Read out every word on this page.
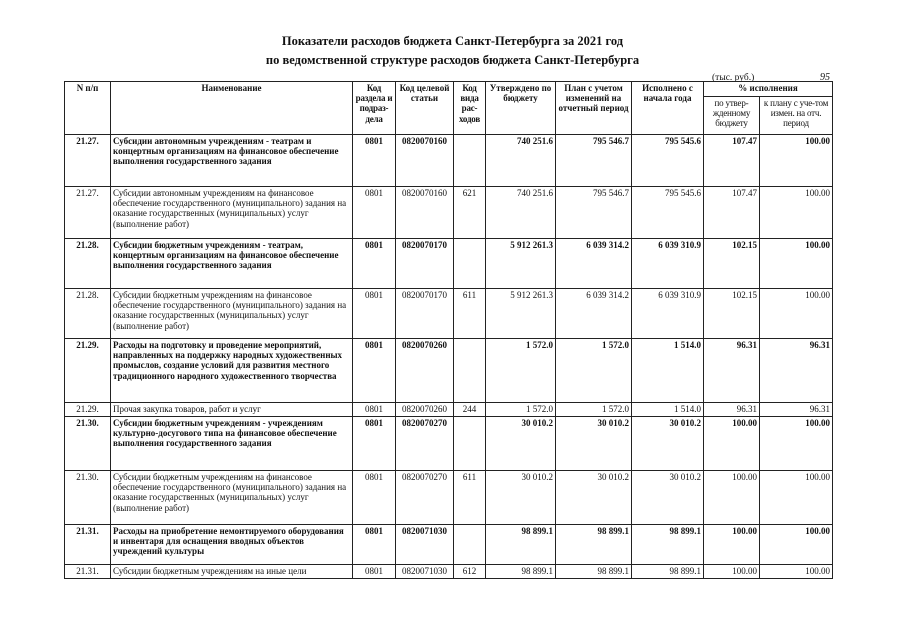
Показатели расходов бюджета Санкт-Петербурга за 2021 год
по ведомственной структуре расходов бюджета Санкт-Петербурга
(тыс. руб.)	95
N п/п	Наименование	Код раздела и подраз-дела	Код целевой статьи	Код вида рас-ходов	Утверждено по бюджету	План с учетом изменений на отчетный период	Исполнено с начала года	% исполнения	
								по утвер-жденному бюджету	к плану с уче-том измен. на отч. период
21.27.	Субсидии автономным учреждениям - театрам и концертным организациям на финансовое обеспечение выполнения государственного задания	0801	0820070160		740 251.6	795 546.7	795 545.6	107.47	100.00
21.27.	Субсидии автономным учреждениям на финансовое обеспечение государственного (муниципального) задания на оказание государственных (муниципальных) услуг (выполнение работ)	0801	0820070160	621	740 251.6	795 546.7	795 545.6	107.47	100.00
21.28.	Субсидии бюджетным учреждениям - театрам, концертным организациям на финансовое обеспечение выполнения государственного задания	0801	0820070170		5 912 261.3	6 039 314.2	6 039 310.9	102.15	100.00
21.28.	Субсидии бюджетным учреждениям на финансовое обеспечение государственного (муниципального) задания на оказание государственных (муниципальных) услуг (выполнение работ)	0801	0820070170	611	5 912 261.3	6 039 314.2	6 039 310.9	102.15	100.00
21.29.	Расходы на подготовку и проведение мероприятий, направленных на поддержку народных художественных промыслов, создание условий для развития местного традиционного народного художественного творчества	0801	0820070260		1 572.0	1 572.0	1 514.0	96.31	96.31
21.29.	Прочая закупка товаров, работ и услуг	0801	0820070260	244	1 572.0	1 572.0	1 514.0	96.31	96.31
21.30.	Субсидии бюджетным учреждениям - учреждениям культурно-досугового типа на финансовое обеспечение выполнения государственного задания	0801	0820070270		30 010.2	30 010.2	30 010.2	100.00	100.00
21.30.	Субсидии бюджетным учреждениям на финансовое обеспечение государственного (муниципального) задания на оказание государственных (муниципальных) услуг (выполнение работ)	0801	0820070270	611	30 010.2	30 010.2	30 010.2	100.00	100.00
21.31.	Расходы на приобретение немонтируемого оборудования и инвентаря для оснащения вводных объектов учреждений культуры	0801	0820071030		98 899.1	98 899.1	98 899.1	100.00	100.00
21.31.	Субсидии бюджетным учреждениям на иные цели	0801	0820071030	612	98 899.1	98 899.1	98 899.1	100.00	100.00
